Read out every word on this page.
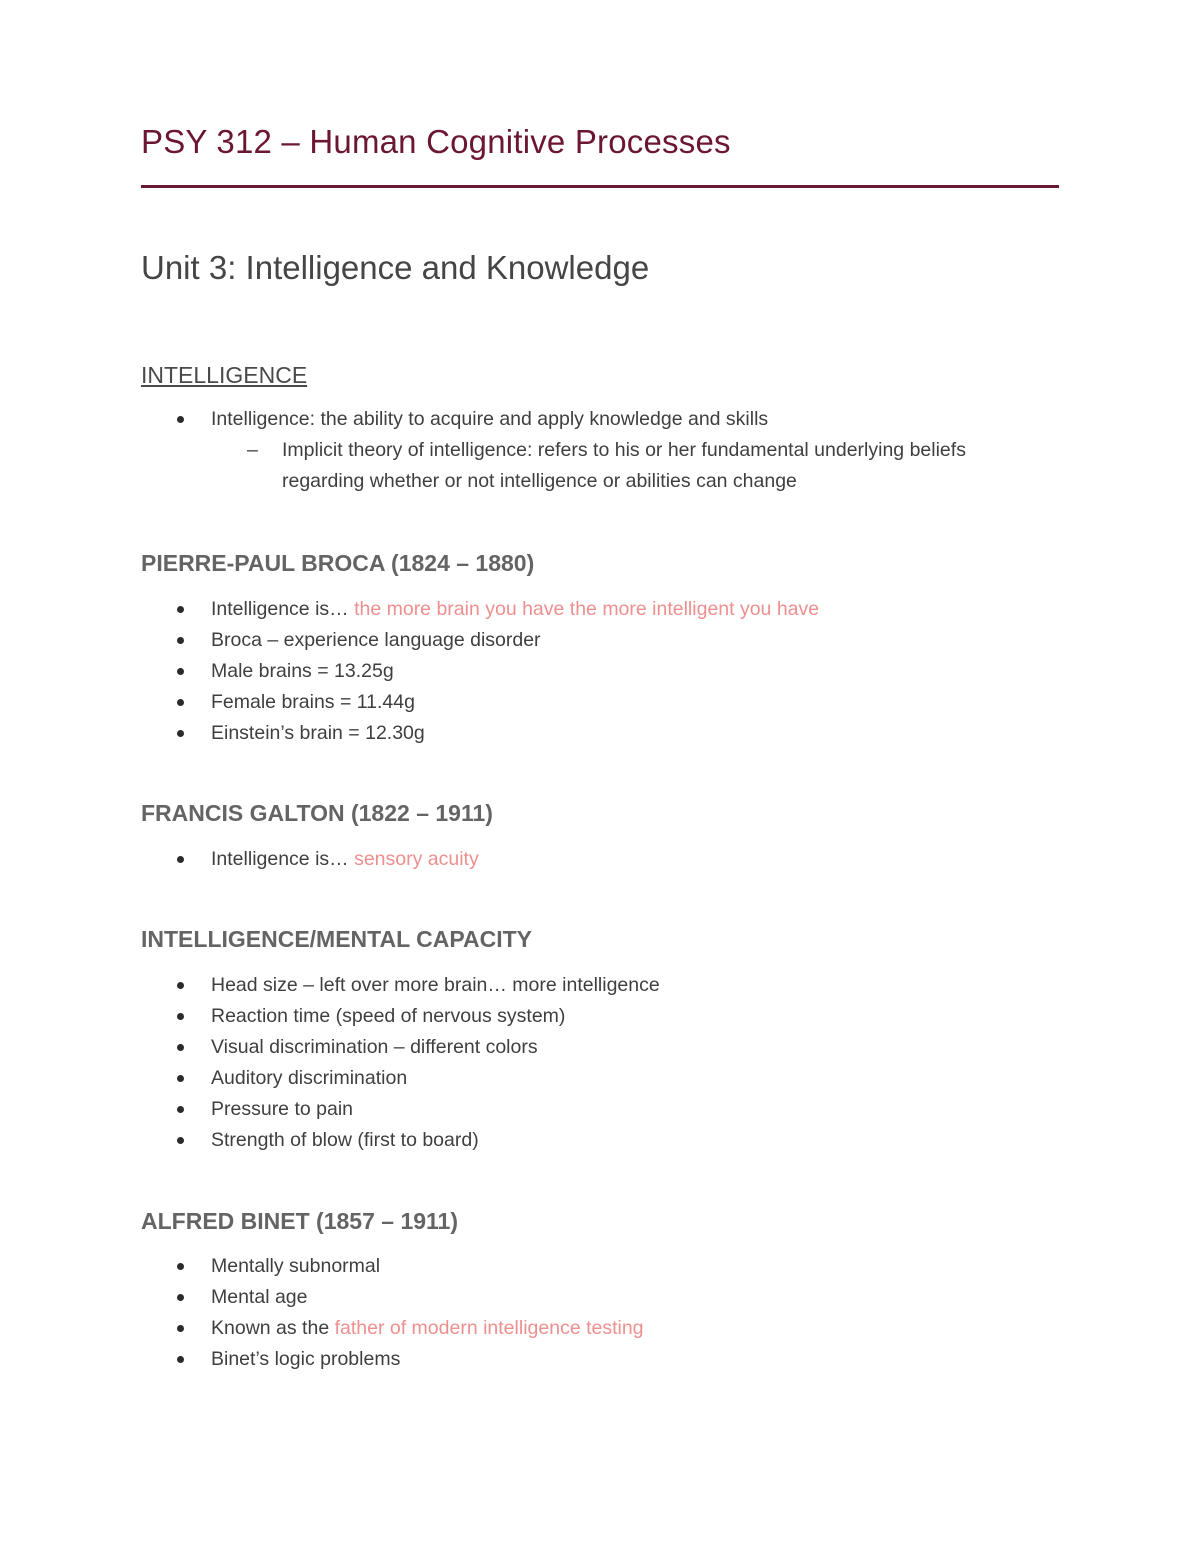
PSY 312 – Human Cognitive Processes
Unit 3: Intelligence and Knowledge
INTELLIGENCE
Intelligence: the ability to acquire and apply knowledge and skills
– Implicit theory of intelligence: refers to his or her fundamental underlying beliefs regarding whether or not intelligence or abilities can change
PIERRE-PAUL BROCA (1824 – 1880)
Intelligence is… the more brain you have the more intelligent you have
Broca – experience language disorder
Male brains = 13.25g
Female brains = 11.44g
Einstein’s brain = 12.30g
FRANCIS GALTON (1822 – 1911)
Intelligence is… sensory acuity
INTELLIGENCE/MENTAL CAPACITY
Head size – left over more brain… more intelligence
Reaction time (speed of nervous system)
Visual discrimination – different colors
Auditory discrimination
Pressure to pain
Strength of blow (first to board)
ALFRED BINET (1857 – 1911)
Mentally subnormal
Mental age
Known as the father of modern intelligence testing
Binet’s logic problems
